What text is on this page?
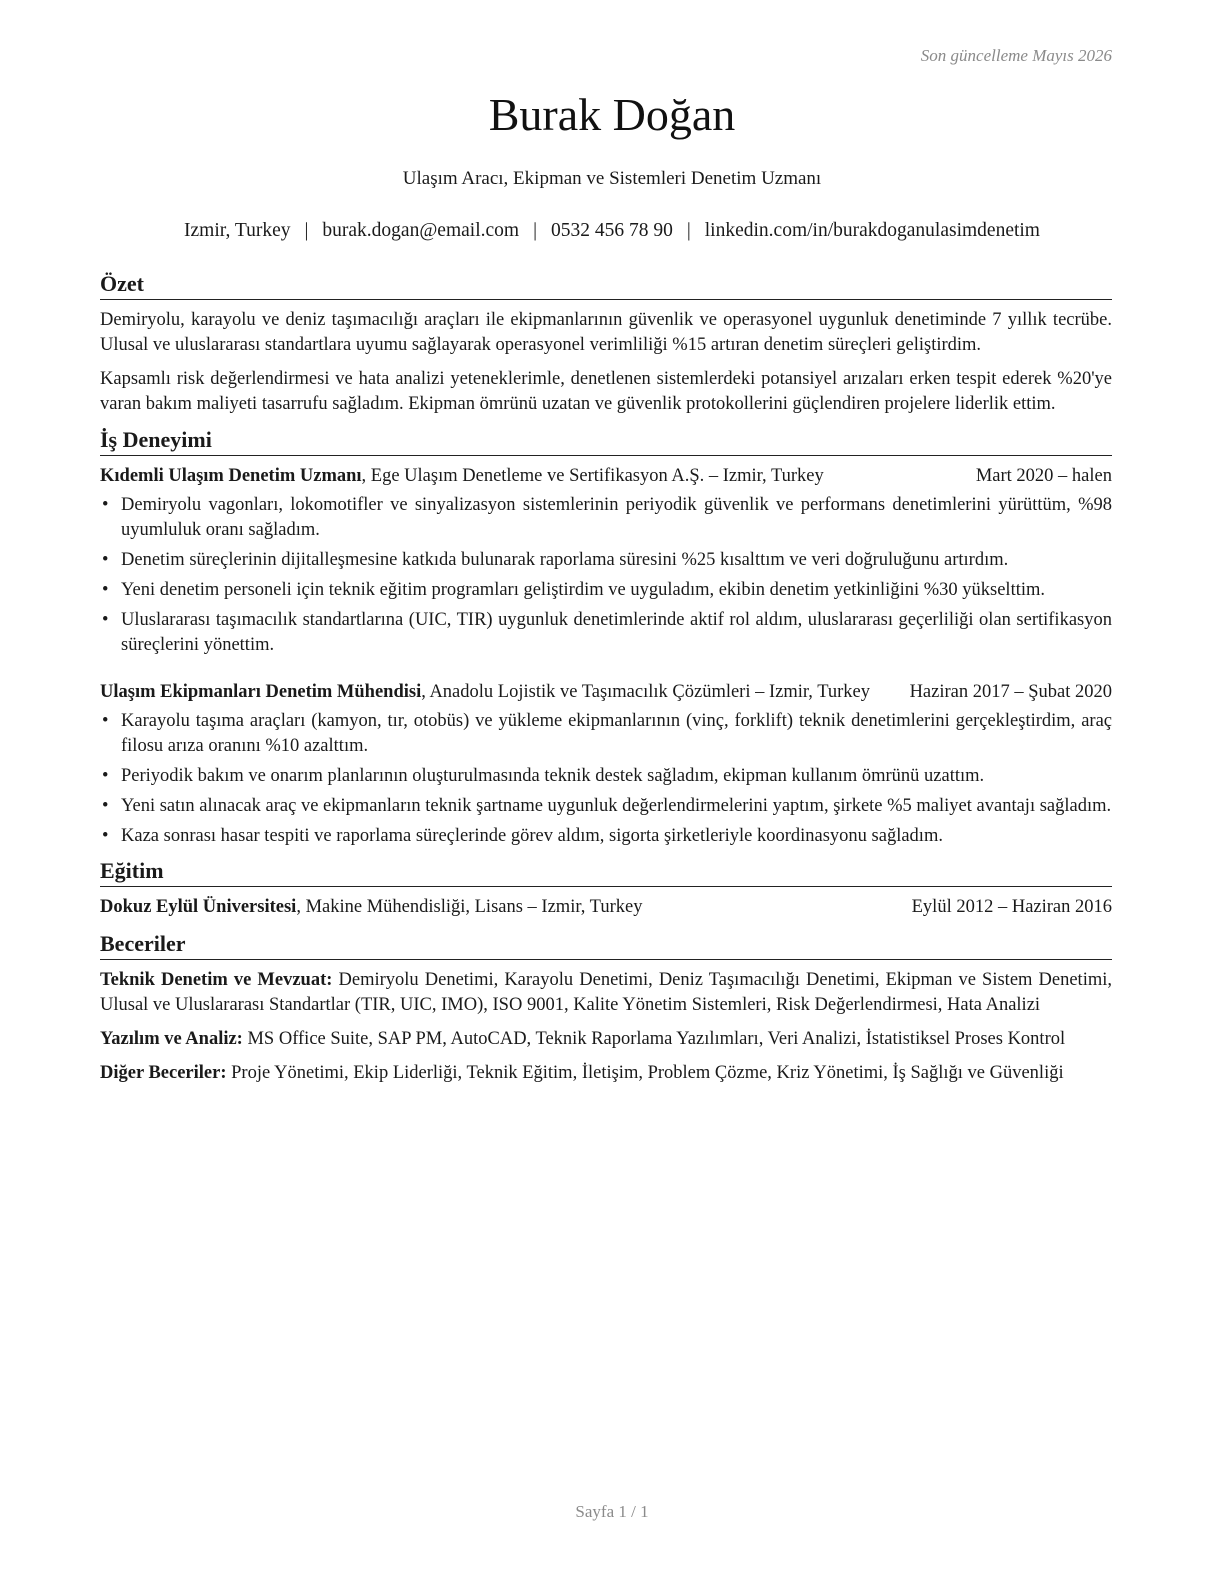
Son güncelleme Mayıs 2026
Burak Doğan
Ulaşım Aracı, Ekipman ve Sistemleri Denetim Uzmanı
Izmir, Turkey | burak.dogan@email.com | 0532 456 78 90 | linkedin.com/in/burakdoganulasimdenetim
Özet

Demiryolu, karayolu ve deniz taşımacılığı araçları ile ekipmanlarının güvenlik ve operasyonel uygunluk denetiminde 7 yıllık tecrübe. Ulusal ve uluslararası standartlara uyumu sağlayarak operasyonel verimliliği %15 artıran denetim süreçleri geliştirdim.

Kapsamlı risk değerlendirmesi ve hata analizi yeteneklerimle, denetlenen sistemlerdeki potansiyel arızaları erken tespit ederek %20'ye varan bakım maliyeti tasarrufu sağladım. Ekipman ömrünü uzatan ve güvenlik protokollerini güçlendiren projelere liderlik ettim.

İş Deneyimi
Kıdemli Ulaşım Denetim Uzmanı, Ege Ulaşım Denetleme ve Sertifikasyon A.Ş. – Izmir, Turkey	Mart 2020 – halen
• Demiryolu vagonları, lokomotifler ve sinyalizasyon sistemlerinin periyodik güvenlik ve performans denetimlerini yürüttüm, %98 uyumluluk oranı sağladım.
• Denetim süreçlerinin dijitalleşmesine katkıda bulunarak raporlama süresini %25 kısalttım ve veri doğruluğunu artırdım.
• Yeni denetim personeli için teknik eğitim programları geliştirdim ve uyguladım, ekibin denetim yetkinliğini %30 yükselttim.
• Uluslararası taşımacılık standartlarına (UIC, TIR) uygunluk denetimlerinde aktif rol aldım, uluslararası geçerliliği olan sertifikasyon süreçlerini yönettim.
Ulaşım Ekipmanları Denetim Mühendisi, Anadolu Lojistik ve Taşımacılık Çözümleri – Izmir, Turkey	Haziran 2017 – Şubat 2020
• Karayolu taşıma araçları (kamyon, tır, otobüs) ve yükleme ekipmanlarının (vinç, forklift) teknik denetimlerini gerçekleştirdim, araç filosu arıza oranını %10 azalttım.
• Periyodik bakım ve onarım planlarının oluşturulmasında teknik destek sağladım, ekipman kullanım ömrünü uzattım.
• Yeni satın alınacak araç ve ekipmanların teknik şartname uygunluk değerlendirmelerini yaptım, şirkete %5 maliyet avantajı sağladım.
• Kaza sonrası hasar tespiti ve raporlama süreçlerinde görev aldım, sigorta şirketleriyle koordinasyonu sağladım.
Eğitim
Dokuz Eylül Üniversitesi, Makine Mühendisliği, Lisans – Izmir, Turkey	Eylül 2012 – Haziran 2016
Beceriler

Teknik Denetim ve Mevzuat: Demiryolu Denetimi, Karayolu Denetimi, Deniz Taşımacılığı Denetimi, Ekipman ve Sistem Denetimi, Ulusal ve Uluslararası Standartlar (TIR, UIC, IMO), ISO 9001, Kalite Yönetim Sistemleri, Risk Değerlendirmesi, Hata Analizi

Yazılım ve Analiz: MS Office Suite, SAP PM, AutoCAD, Teknik Raporlama Yazılımları, Veri Analizi, İstatistiksel Proses Kontrol

Diğer Beceriler: Proje Yönetimi, Ekip Liderliği, Teknik Eğitim, İletişim, Problem Çözme, Kriz Yönetimi, İş Sağlığı ve Güvenliği

Sayfa 1 / 1
